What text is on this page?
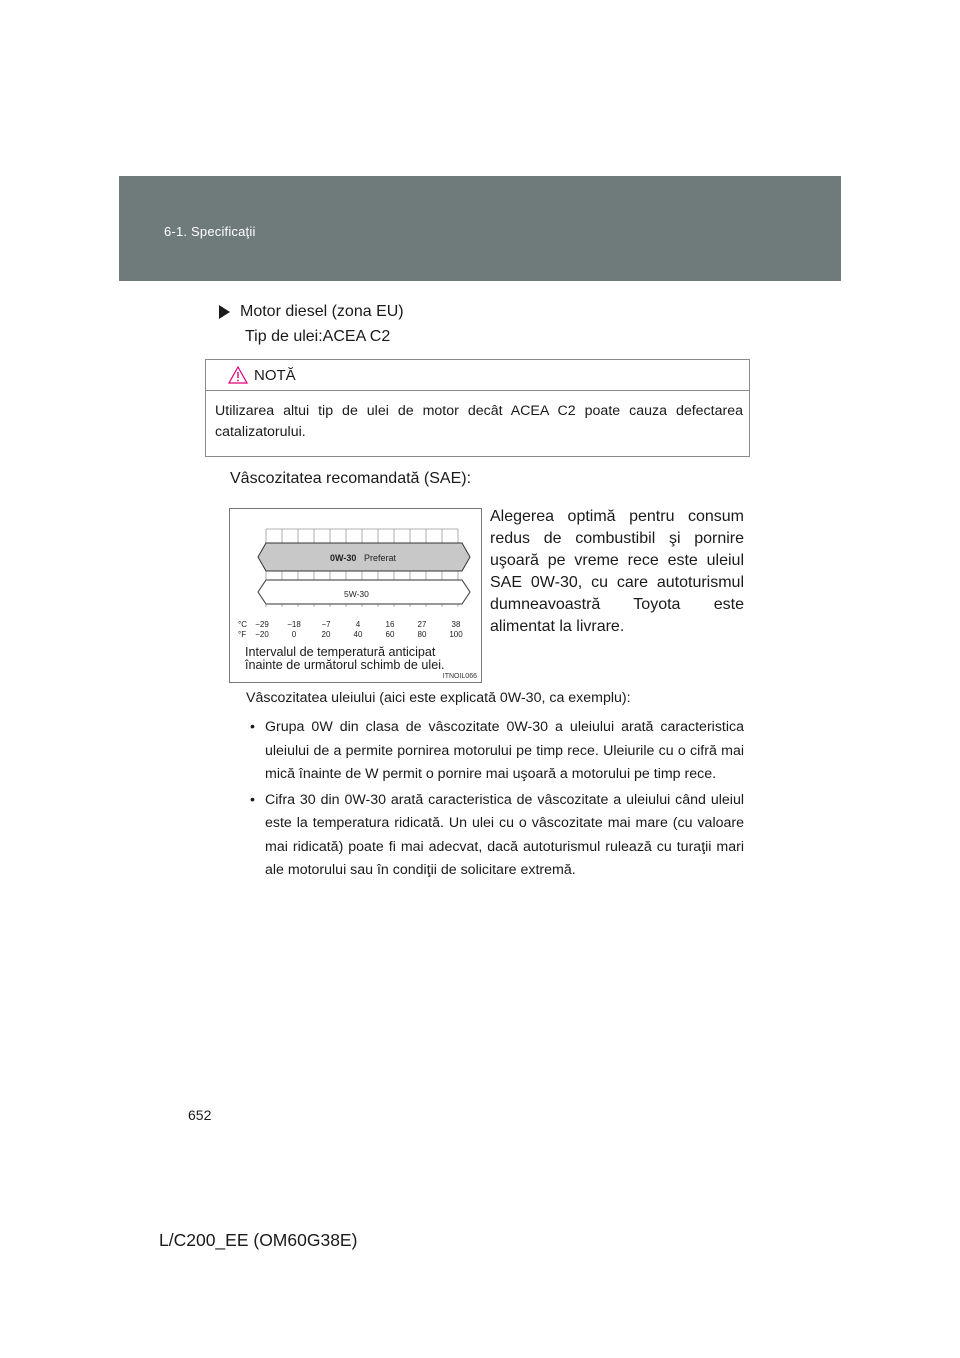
6-1. Specificaţii
Motor diesel (zona EU)
Tip de ulei:ACEA C2
NOTĂ
Utilizarea altui tip de ulei de motor decât ACEA C2 poate cauza defectarea catalizatorului.
Vâscozitatea recomandată (SAE):
Alegerea optimă pentru consum redus de combustibil şi pornire uşoară pe vreme rece este uleiul SAE 0W-30, cu care autoturismul dumneavoastră Toyota este alimentat la livrare.
0W-30 Preferat
5W-30
°C
°F
−29 −18	−7	4	16	27	38
−20	0	20	40	60	80	100
Intervalul de temperatură anticipat
înainte de următorul schimb de ulei.
ITNOIL066
Vâscozitatea uleiului (aici este explicată 0W-30, ca exemplu):
• Grupa 0W din clasa de vâscozitate 0W-30 a uleiului arată caracteristica uleiului de a permite pornirea motorului pe timp rece. Uleiurile cu o cifră mai mică înainte de W permit o pornire mai uşoară a motorului pe timp rece.
• Cifra 30 din 0W-30 arată caracteristica de vâscozitate a uleiului când uleiul este la temperatura ridicată. Un ulei cu o vâscozitate mai mare (cu valoare mai ridicată) poate fi mai adecvat, dacă autoturismul rulează cu turaţii mari ale motorului sau în condiţii de solicitare extremă.
652
L/C200_EE (OM60G38E)
